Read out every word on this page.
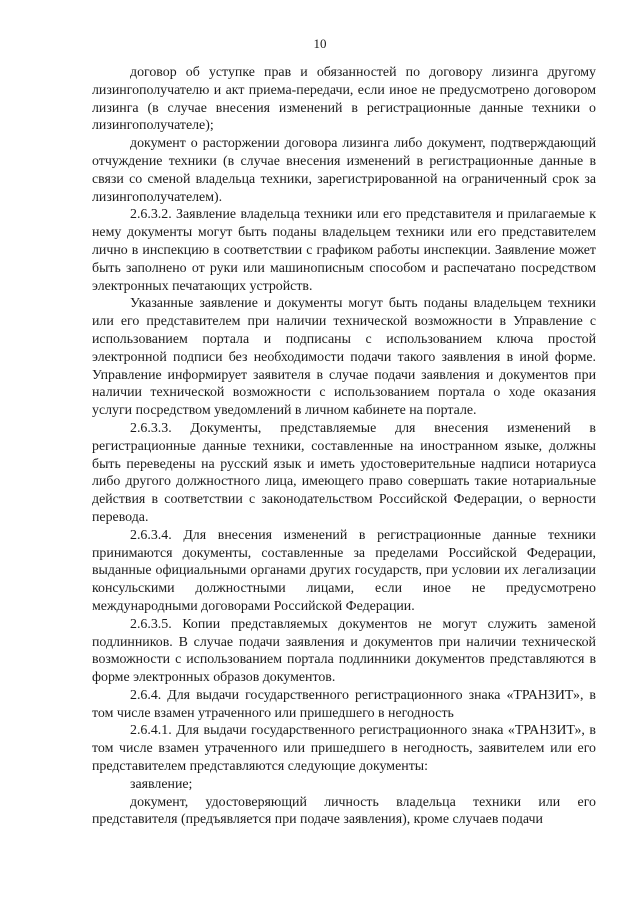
10

договор об уступке прав и обязанностей по договору лизинга другому лизингополучателю и акт приема-передачи, если иное не предусмотрено договором лизинга (в случае внесения изменений в регистрационные данные техники о лизингополучателе);

документ о расторжении договора лизинга либо документ, подтверждающий отчуждение техники (в случае внесения изменений в регистрационные данные в связи со сменой владельца техники, зарегистрированной на ограниченный срок за лизингополучателем).

2.6.3.2. Заявление владельца техники или его представителя и прилагаемые к нему документы могут быть поданы владельцем техники или его представителем лично в инспекцию в соответствии с графиком работы инспекции. Заявление может быть заполнено от руки или машинописным способом и распечатано посредством электронных печатающих устройств.

Указанные заявление и документы могут быть поданы владельцем техники или его представителем при наличии технической возможности в Управление с использованием портала и подписаны с использованием ключа простой электронной подписи без необходимости подачи такого заявления в иной форме. Управление информирует заявителя в случае подачи заявления и документов при наличии технической возможности с использованием портала о ходе оказания услуги посредством уведомлений в личном кабинете на портале.

2.6.3.3. Документы, представляемые для внесения изменений в регистрационные данные техники, составленные на иностранном языке, должны быть переведены на русский язык и иметь удостоверительные надписи нотариуса либо другого должностного лица, имеющего право совершать такие нотариальные действия в соответствии с законодательством Российской Федерации, о верности перевода.

2.6.3.4. Для внесения изменений в регистрационные данные техники принимаются документы, составленные за пределами Российской Федерации, выданные официальными органами других государств, при условии их легализации консульскими должностными лицами, если иное не предусмотрено международными договорами Российской Федерации.

2.6.3.5. Копии представляемых документов не могут служить заменой подлинников. В случае подачи заявления и документов при наличии технической возможности с использованием портала подлинники документов представляются в форме электронных образов документов.

2.6.4. Для выдачи государственного регистрационного знака «ТРАНЗИТ», в том числе взамен утраченного или пришедшего в негодность

2.6.4.1. Для выдачи государственного регистрационного знака «ТРАНЗИТ», в том числе взамен утраченного или пришедшего в негодность, заявителем или его представителем представляются следующие документы:

заявление;

документ, удостоверяющий личность владельца техники или его представителя (предъявляется при подаче заявления), кроме случаев подачи
